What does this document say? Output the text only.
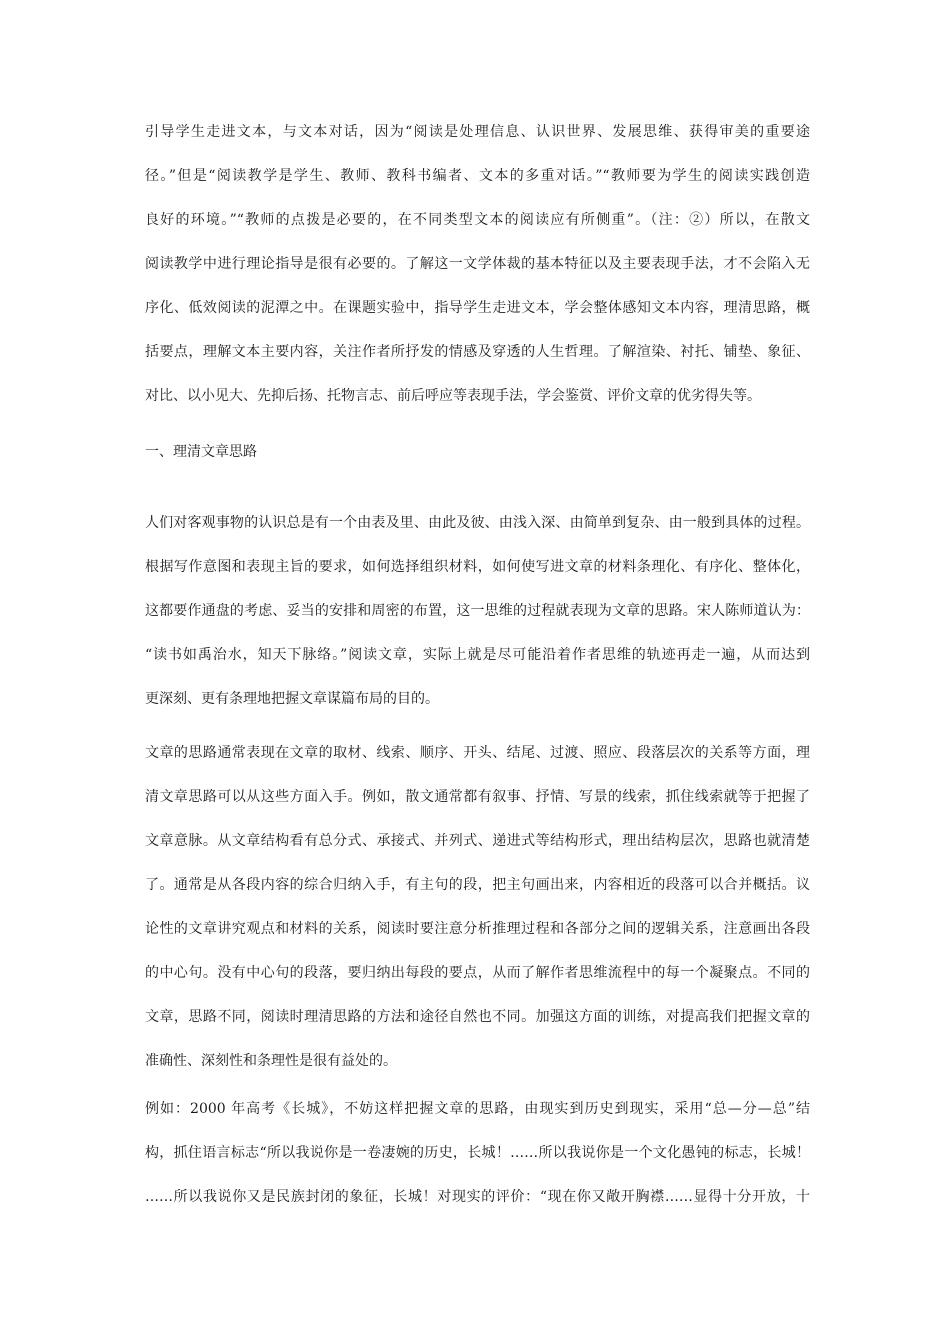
引导学生走进文本，与文本对话，因为“阅读是处理信息、认识世界、发展思维、获得审美的重要途
径。”但是“阅读教学是学生、教师、教科书编者、文本的多重对话。”“教师要为学生的阅读实践创造
良好的环境。”“教师的点拨是必要的，在不同类型文本的阅读应有所侧重”。（注：②）所以，在散文
阅读教学中进行理论指导是很有必要的。了解这一文学体裁的基本特征以及主要表现手法，才不会陷入无
序化、低效阅读的泥潭之中。在课题实验中，指导学生走进文本，学会整体感知文本内容，理清思路，概
括要点，理解文本主要内容，关注作者所抒发的情感及穿透的人生哲理。了解渲染、衬托、铺垫、象征、
对比、以小见大、先抑后扬、托物言志、前后呼应等表现手法，学会鉴赏、评价文章的优劣得失等。
一、理清文章思路
人们对客观事物的认识总是有一个由表及里、由此及彼、由浅入深、由简单到复杂、由一般到具体的过程。
根据写作意图和表现主旨的要求，如何选择组织材料，如何使写进文章的材料条理化、有序化、整体化，
这都要作通盘的考虑、妥当的安排和周密的布置，这一思维的过程就表现为文章的思路。宋人陈师道认为：
“读书如禹治水，知天下脉络。”阅读文章，实际上就是尽可能沿着作者思维的轨迹再走一遍，从而达到
更深刻、更有条理地把握文章谋篇布局的目的。
文章的思路通常表现在文章的取材、线索、顺序、开头、结尾、过渡、照应、段落层次的关系等方面，理
清文章思路可以从这些方面入手。例如，散文通常都有叙事、抒情、写景的线索，抓住线索就等于把握了
文章意脉。从文章结构看有总分式、承接式、并列式、递进式等结构形式，理出结构层次，思路也就清楚
了。通常是从各段内容的综合归纳入手，有主句的段，把主句画出来，内容相近的段落可以合并概括。议
论性的文章讲究观点和材料的关系，阅读时要注意分析推理过程和各部分之间的逻辑关系，注意画出各段
的中心句。没有中心句的段落，要归纳出每段的要点，从而了解作者思维流程中的每一个凝聚点。不同的
文章，思路不同，阅读时理清思路的方法和途径自然也不同。加强这方面的训练，对提高我们把握文章的
准确性、深刻性和条理性是很有益处的。
例如：2000 年高考《长城》，不妨这样把握文章的思路，由现实到历史到现实，采用“总—分—总”结
构，抓住语言标志“所以我说你是一卷凄婉的历史，长城！……所以我说你是一个文化愚钝的标志，长城！
……所以我说你又是民族封闭的象征，长城！对现实的评价：“现在你又敞开胸襟……显得十分开放，十
